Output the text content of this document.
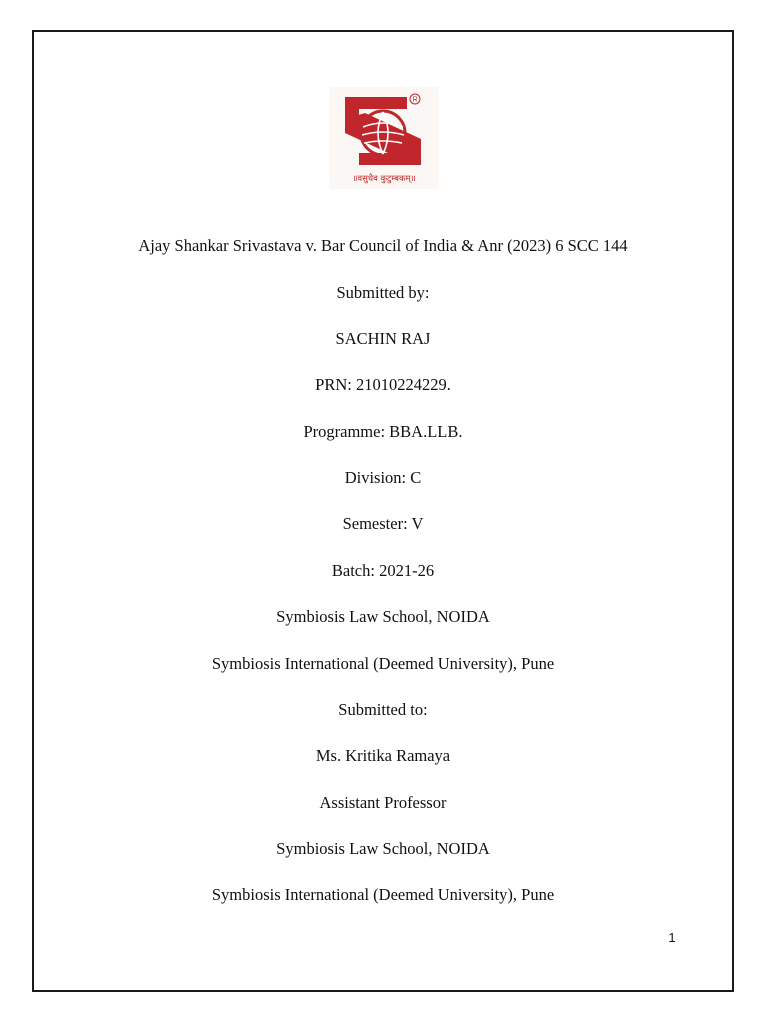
R
॥वसुधैव कुटुम्बकम्॥
Ajay Shankar Srivastava v. Bar Council of India & Anr (2023) 6 SCC 144
Submitted by:
SACHIN RAJ
PRN: 21010224229.
Programme: BBA.LLB.
Division: C
Semester: V
Batch: 2021-26
Symbiosis Law School, NOIDA
Symbiosis International (Deemed University), Pune
Submitted to:
Ms. Kritika Ramaya
Assistant Professor
Symbiosis Law School, NOIDA
Symbiosis International (Deemed University), Pune
1
